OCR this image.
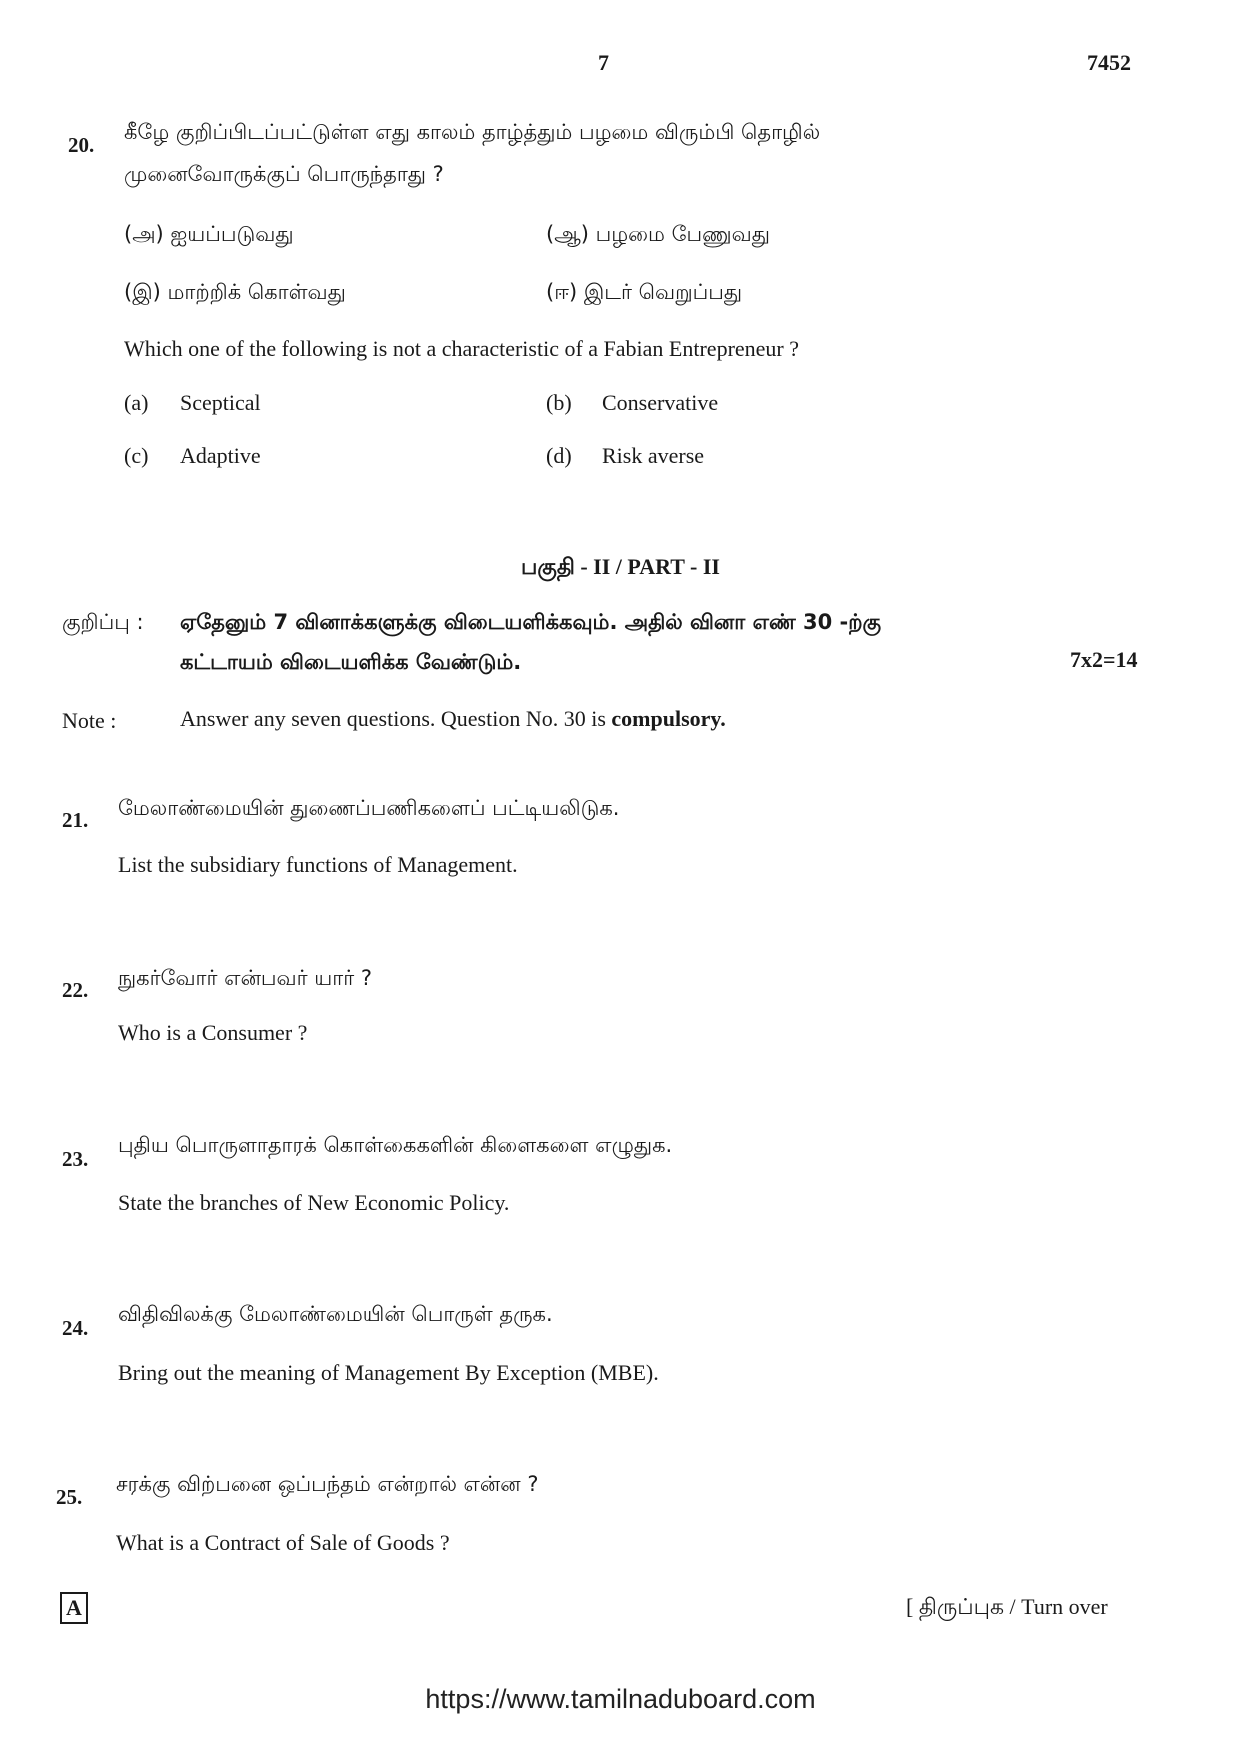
7	7452
20.
கீழே குறிப்பிடப்பட்டுள்ள எது காலம் தாழ்த்தும் பழமை விரும்பி தொழில்
முனைவோருக்குப் பொருந்தாது ?
(அ) ஐயப்படுவது	(ஆ) பழமை பேணுவது
(இ) மாற்றிக் கொள்வது	(ஈ) இடர் வெறுப்பது
Which one of the following is not a characteristic of a Fabian Entrepreneur ?
(a) Sceptical	(b) Conservative
(c) Adaptive	(d) Risk averse
பகுதி - II / PART - II
குறிப்பு : ஏதேனும் 7 வினாக்களுக்கு விடையளிக்கவும். அதில் வினா எண் 30 -ற்கு
கட்டாயம் விடையளிக்க வேண்டும்.	7x2=14
Note :	Answer any seven questions. Question No. 30 is compulsory.
21. மேலாண்மையின் துணைப்பணிகளைப் பட்டியலிடுக.
List the subsidiary functions of Management.
22. நுகர்வோர் என்பவர் யார் ?
Who is a Consumer ?
23.
புதிய பொருளாதாரக் கொள்கைகளின் கிளைகளை எழுதுக.
State the branches of New Economic Policy.
24.
விதிவிலக்கு மேலாண்மையின் பொருள் தருக.
Bring out the meaning of Management By Exception (MBE).
25.
சரக்கு விற்பனை ஒப்பந்தம் என்றால் என்ன ?
What is a Contract of Sale of Goods ?
A	[ திருப்புக / Turn over
https://www.tamilnaduboard.com
